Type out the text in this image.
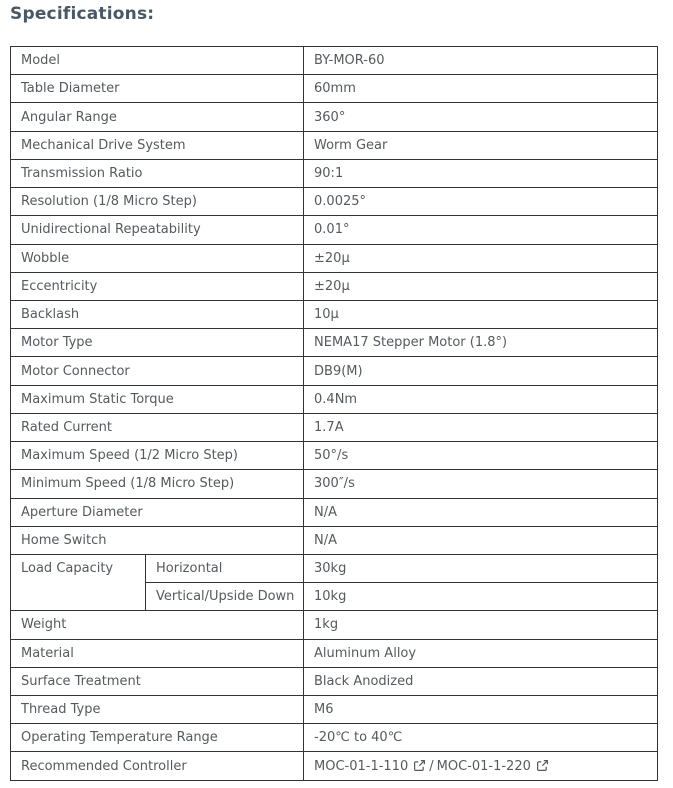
Specifications:
Model		BY-MOR-60
Table Diameter		60mm
Angular Range		360°
Mechanical Drive System		Worm Gear
Transmission Ratio		90:1
Resolution (1/8 Micro Step)		0.0025°
Unidirectional Repeatability		0.01°
Wobble		±20µ
Eccentricity		±20µ
Backlash		10µ
Motor Type		NEMA17 Stepper Motor (1.8°)
Motor Connector		DB9(M)
Maximum Static Torque		0.4Nm
Rated Current		1.7A
Maximum Speed (1/2 Micro Step)		50°/s
Minimum Speed (1/8 Micro Step)		300″/s
Aperture Diameter		N/A
Home Switch		N/A
Load Capacity	Horizontal	30kg
	Vertical/Upside Down	10kg
Weight		1kg
Material		Aluminum Alloy
Surface Treatment		Black Anodized
Thread Type		M6
Operating Temperature Range		-20℃ to 40℃
Recommended Controller		MOC-01-1-110 / MOC-01-1-220
